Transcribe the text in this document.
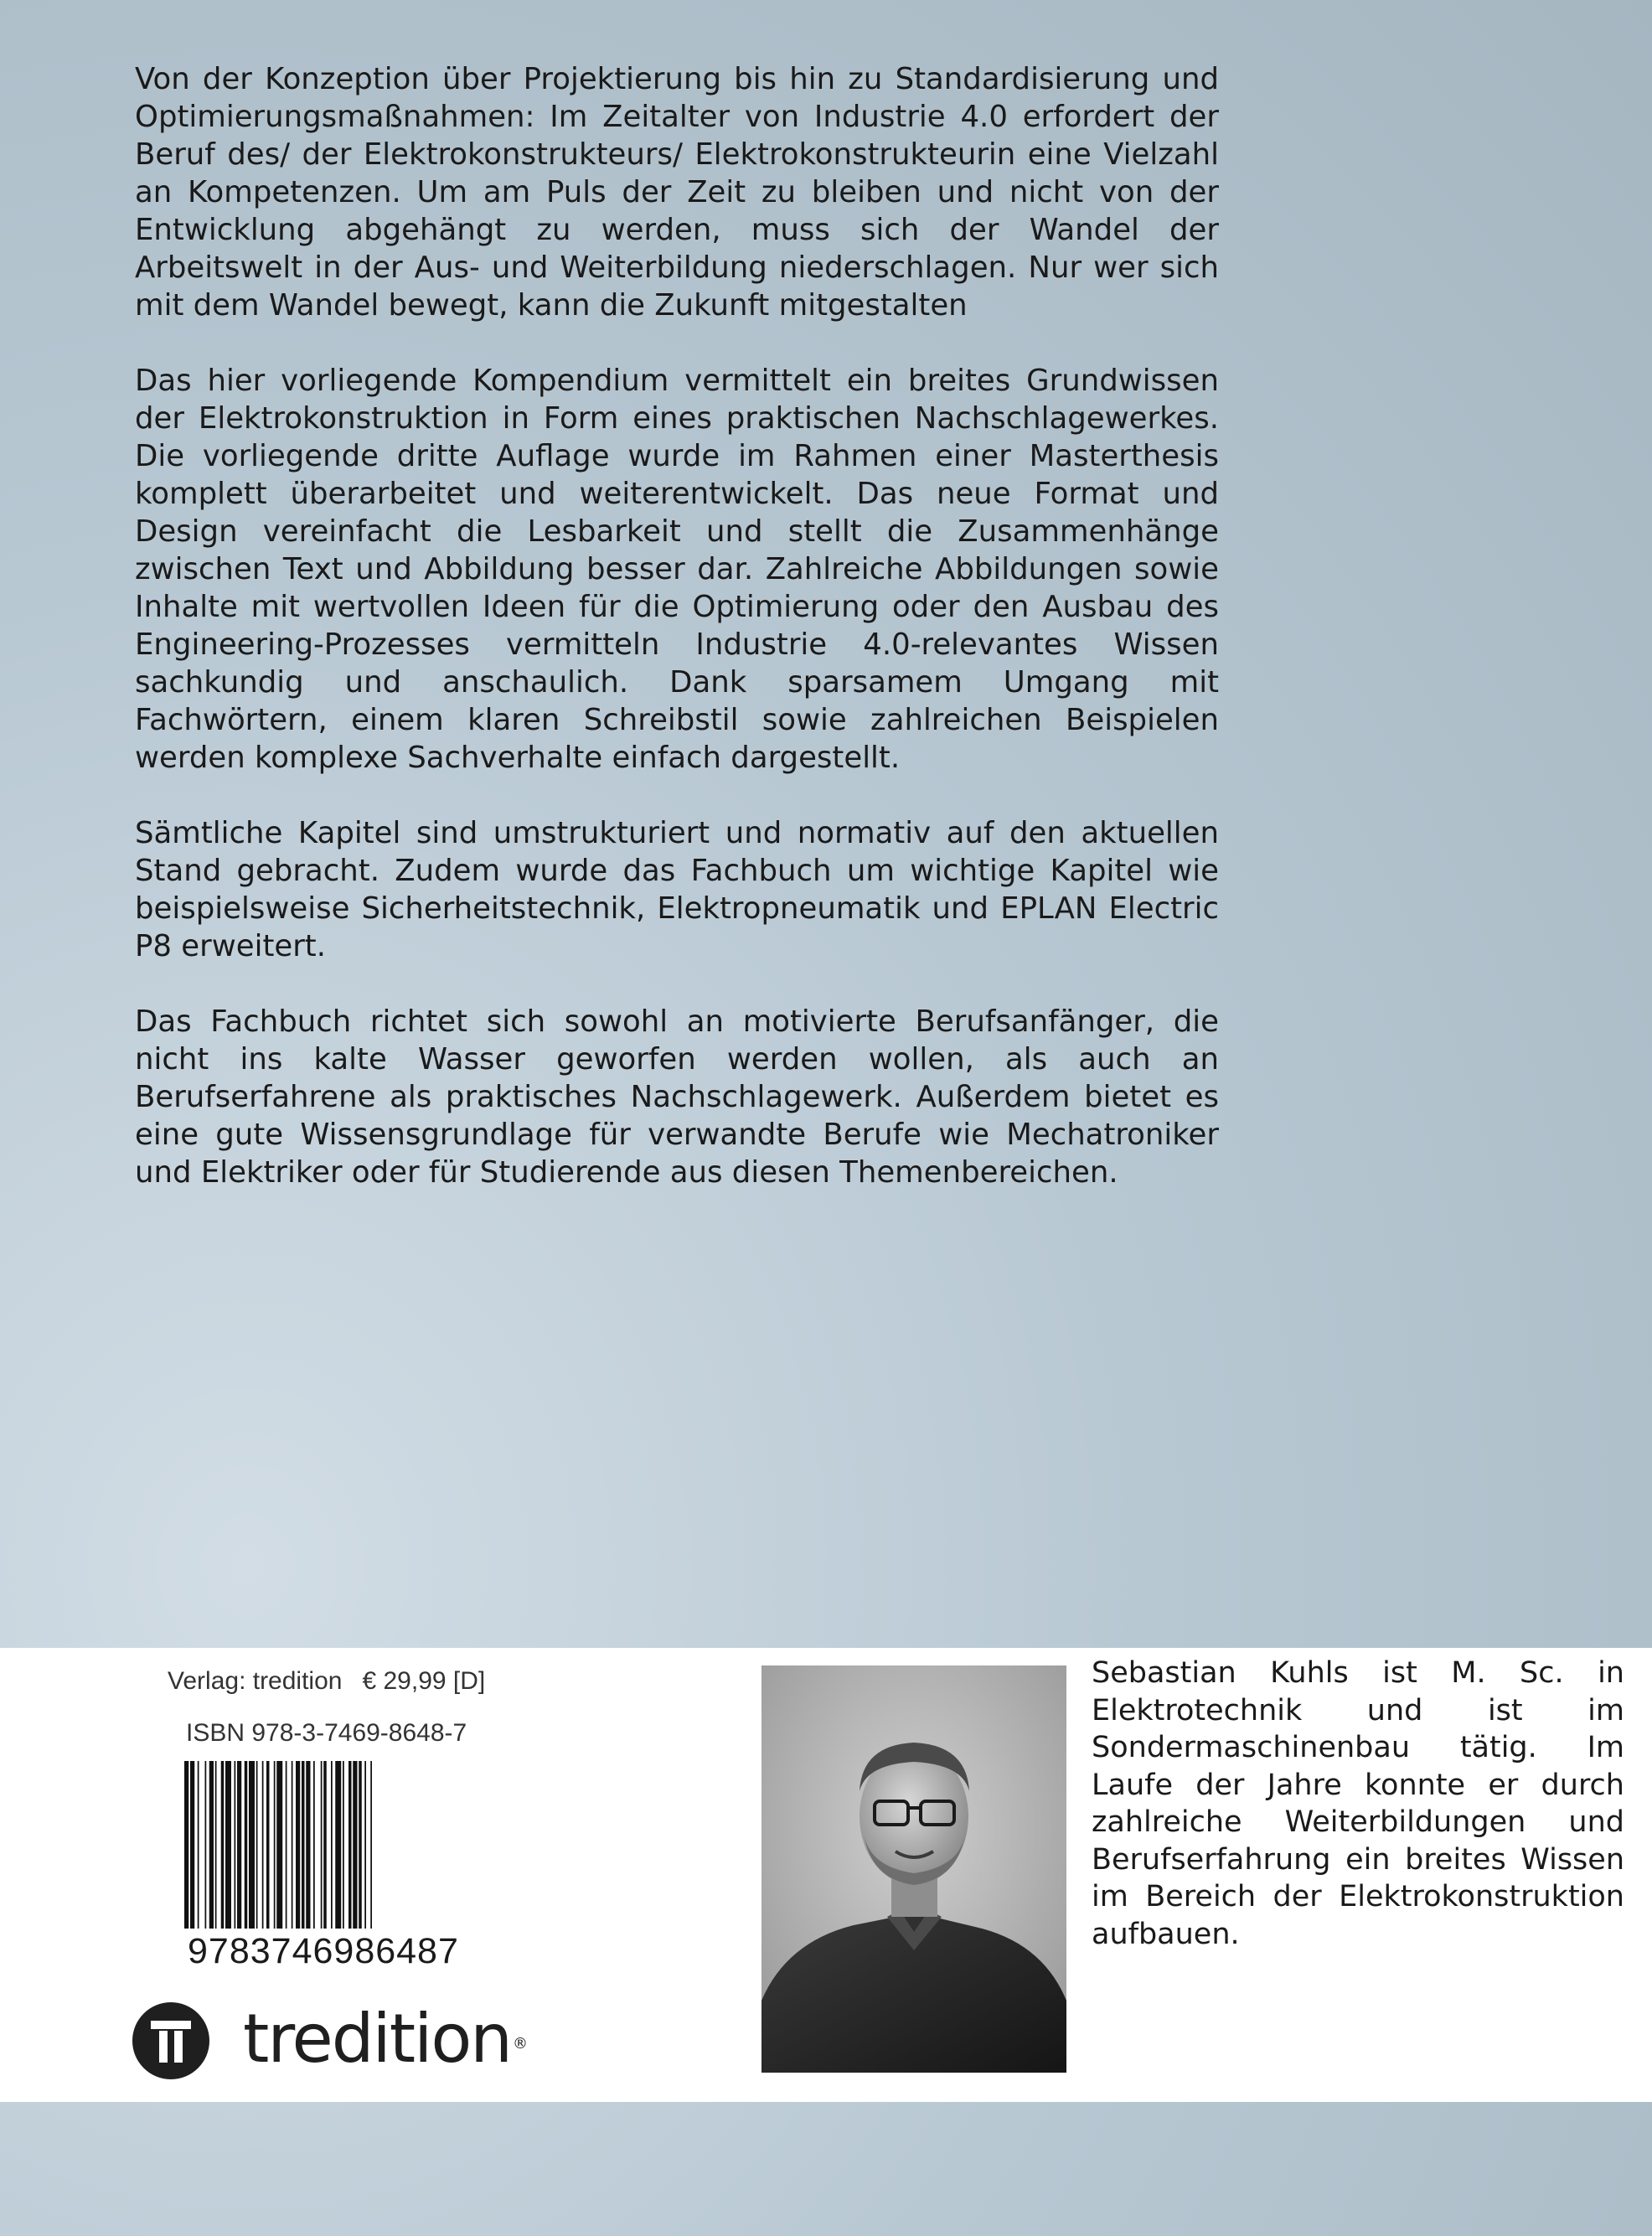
Von der Konzeption über Projektierung bis hin zu Standardisierung und Optimierungsmaßnahmen: Im Zeitalter von Industrie 4.0 erfordert der Beruf des/ der Elektrokonstrukteurs/ Elektrokonstrukteurin eine Vielzahl an Kompetenzen. Um am Puls der Zeit zu bleiben und nicht von der Entwicklung abgehängt zu werden, muss sich der Wandel der Arbeitswelt in der Aus- und Weiterbildung niederschlagen. Nur wer sich mit dem Wandel bewegt, kann die Zukunft mitgestalten

Das hier vorliegende Kompendium vermittelt ein breites Grundwissen der Elektrokonstruktion in Form eines praktischen Nachschlagewerkes. Die vorliegende dritte Auflage wurde im Rahmen einer Masterthesis komplett überarbeitet und weiterentwickelt. Das neue Format und Design vereinfacht die Lesbarkeit und stellt die Zusammenhänge zwischen Text und Abbildung besser dar. Zahlreiche Abbildungen sowie Inhalte mit wertvollen Ideen für die Optimierung oder den Ausbau des Engineering-Prozesses vermitteln Industrie 4.0-relevantes Wissen sachkundig und anschaulich. Dank sparsamem Umgang mit Fachwörtern, einem klaren Schreibstil sowie zahlreichen Beispielen werden komplexe Sachverhalte einfach dargestellt.

Sämtliche Kapitel sind umstrukturiert und normativ auf den aktuellen Stand gebracht. Zudem wurde das Fachbuch um wichtige Kapitel wie beispielsweise Sicherheitstechnik, Elektropneumatik und EPLAN Electric P8 erweitert.

Das Fachbuch richtet sich sowohl an motivierte Berufsanfänger, die nicht ins kalte Wasser geworfen werden wollen, als auch an Berufserfahrene als praktisches Nachschlagewerk. Außerdem bietet es eine gute Wissensgrundlage für verwandte Berufe wie Mechatroniker und Elektriker oder für Studierende aus diesen Themenbereichen.

Verlag: tredition € 29,99 [D]
ISBN 978-3-7469-8648-7
9783746986487
tredition ®
Sebastian Kuhls ist M. Sc. in Elektrotechnik und ist im Sondermaschinenbau tätig. Im Laufe der Jahre konnte er durch zahlreiche Weiterbildungen und Berufserfahrung ein breites Wissen im Bereich der Elektrokonstruktion aufbauen.
